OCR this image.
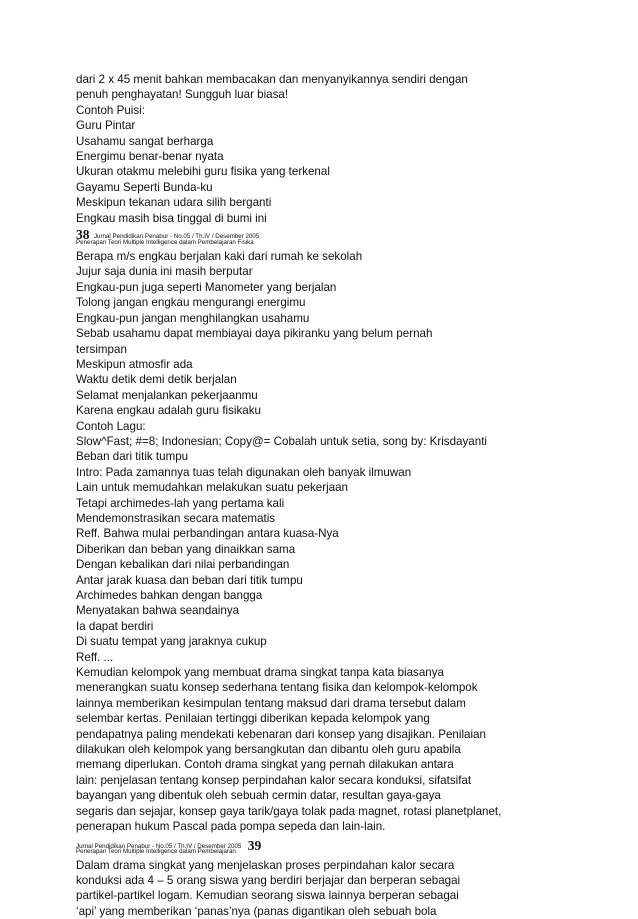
dari 2 x 45 menit bahkan membacakan dan menyanyikannya sendiri dengan
penuh penghayatan! Sungguh luar biasa!
Contoh Puisi:
Guru Pintar
Usahamu sangat berharga
Energimu benar-benar nyata
Ukuran otakmu melebihi guru fisika yang terkenal
Gayamu Seperti Bunda-ku
Meskipun tekanan udara silih berganti
Engkau masih bisa tinggal di bumi ini
38 Jurnal Pendidikan Penabur - No.05 / Th.IV / Desember 2005
Penerapan Teori Multiple Intelligence dalam Pembelajaran Fisika
Berapa m/s engkau berjalan kaki dari rumah ke sekolah
Jujur saja dunia ini masih berputar
Engkau-pun juga seperti Manometer yang berjalan
Tolong jangan engkau mengurangi energimu
Engkau-pun jangan menghilangkan usahamu
Sebab usahamu dapat membiayai daya pikiranku yang belum pernah
tersimpan
Meskipun atmosfir ada
Waktu detik demi detik berjalan
Selamat menjalankan pekerjaanmu
Karena engkau adalah guru fisikaku
Contoh Lagu:
Slow^Fast; #=8; Indonesian; Copy@= Cobalah untuk setia, song by: Krisdayanti
Beban dari titik tumpu
Intro: Pada zamannya tuas telah digunakan oleh banyak ilmuwan
Lain untuk memudahkan melakukan suatu pekerjaan
Tetapi archimedes-lah yang pertama kali
Mendemonstrasikan secara matematis
Reff. Bahwa mulai perbandingan antara kuasa-Nya
Diberikan dan beban yang dinaikkan sama
Dengan kebalikan dari nilai perbandingan
Antar jarak kuasa dan beban dari titik tumpu
Archimedes bahkan dengan bangga
Menyatakan bahwa seandainya
Ia dapat berdiri
Di suatu tempat yang jaraknya cukup
Reff. ...
Kemudian kelompok yang membuat drama singkat tanpa kata biasanya
menerangkan suatu konsep sederhana tentang fisika dan kelompok-kelompok
lainnya memberikan kesimpulan tentang maksud dari drama tersebut dalam
selembar kertas. Penilaian tertinggi diberikan kepada kelompok yang
pendapatnya paling mendekati kebenaran dari konsep yang disajikan. Penilaian
dilakukan oleh kelompok yang bersangkutan dan dibantu oleh guru apabila
memang diperlukan. Contoh drama singkat yang pernah dilakukan antara
lain: penjelasan tentang konsep perpindahan kalor secara konduksi, sifatsifat
bayangan yang dibentuk oleh sebuah cermin datar, resultan gaya-gaya
segaris dan sejajar, konsep gaya tarik/gaya tolak pada magnet, rotasi planetplanet,
penerapan hukum Pascal pada pompa sepeda dan lain-lain.
Jurnal Pendidikan Penabur - No.05 / Th.IV / Desember 2005 39
Penerapan Teori Multiple Intelligence dalam Pembelajaran
Dalam drama singkat yang menjelaskan proses perpindahan kalor secara
konduksi ada 4 – 5 orang siswa yang berdiri berjajar dan berperan sebagai
partikel-partikel logam. Kemudian seorang siswa lainnya berperan sebagai
‘api’ yang memberikan ‘panas’nya (panas digantikan oleh sebuah bola
